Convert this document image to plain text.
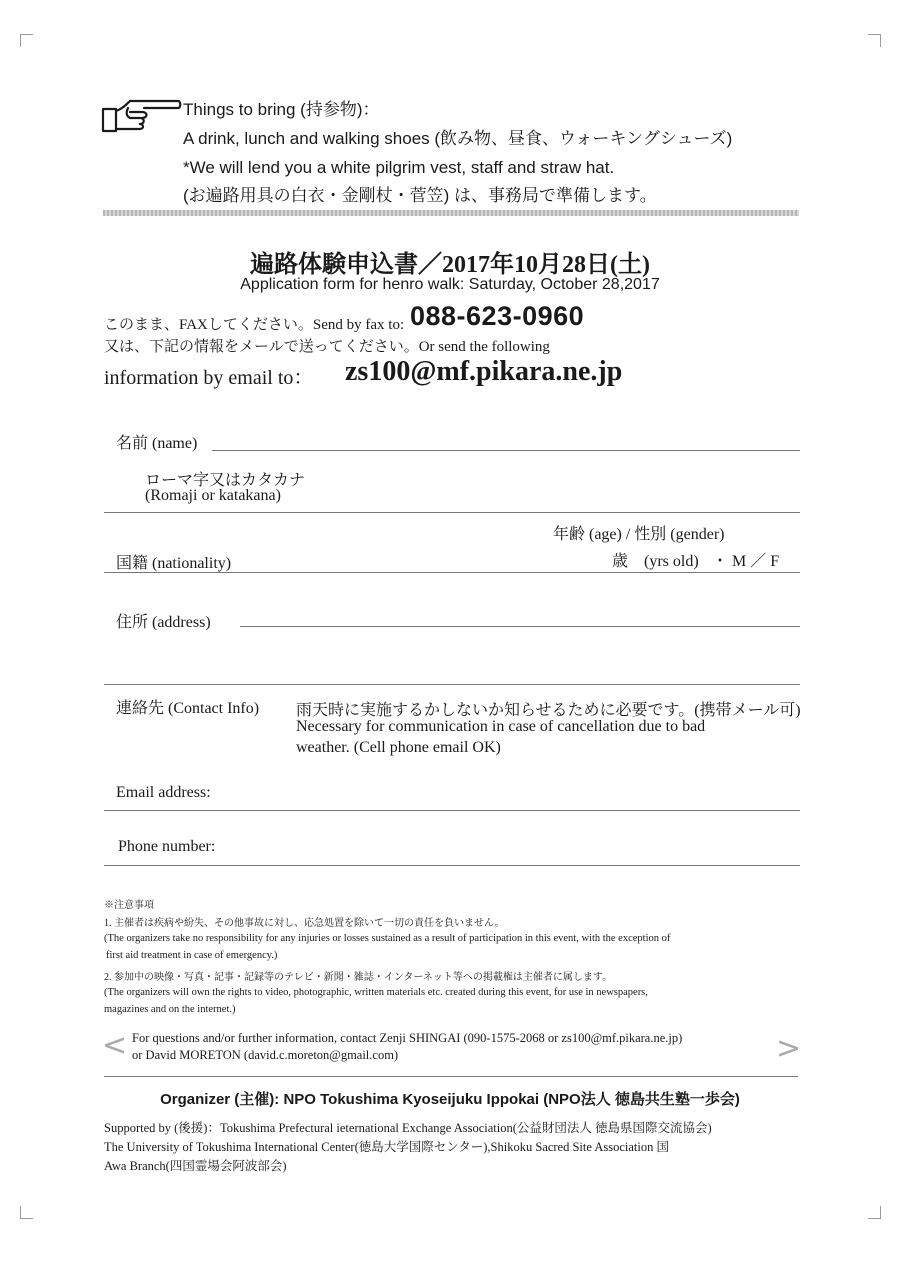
Things to bring (持参物)：
A drink, lunch and walking shoes (飲み物、昼食、ウォーキングシューズ)
*We will lend you a white pilgrim vest, staff and straw hat.
(お遍路用具の白衣・金剛杖・菅笠) は、事務局で準備します。
遍路体験申込書／2017年10月28日(土)
Application form for henro walk: Saturday, October 28,2017
このまま、FAXしてください。Send by fax to: 088-623-0960
又は、下記の情報をメールで送ってください。Or send the following
information by email to： zs100@mf.pikara.ne.jp
名前 (name)
ローマ字又はカタカナ
(Romaji or katakana)
年齢 (age) / 性別 (gender)
国籍 (nationality)	歳　(yrs old) ・ M ／ F
住所 (address)
連絡先 (Contact Info) 雨天時に実施するかしないか知らせるために必要です。(携帯メール可)
Necessary for communication in case of cancellation due to bad
weather. (Cell phone email OK)
Email address:
Phone number:
※注意事項
1. 主催者は疾病や紛失、その他事故に対し、応急処置を除いて一切の責任を負いません。
(The organizers take no responsibility for any injuries or losses sustained as a result of participation in this event, with the exception of
first aid treatment in case of emergency.)
2. 参加中の映像・写真・記事・記録等のテレビ・新聞・雑誌・インターネット等への掲載権は主催者に属します。
(The organizers will own the rights to video, photographic, written materials etc. created during this event, for use in newspapers,
magazines and on the internet.)
<	>
For questions and/or further information, contact Zenji SHINGAI (090-1575-2068 or zs100@mf.pikara.ne.jp)
or David MORETON (david.c.moreton@gmail.com)
Organizer (主催): NPO Tokushima Kyoseijuku Ippokai (NPO法人 徳島共生塾一歩会)
Supported by (後援)：Tokushima Prefectural ieternational Exchange Association(公益財団法人 徳島県国際交流協会)
The University of Tokushima International Center(徳島大学国際センター),Shikoku Sacred Site Association 国
Awa Branch(四国霊場会阿波部会)
